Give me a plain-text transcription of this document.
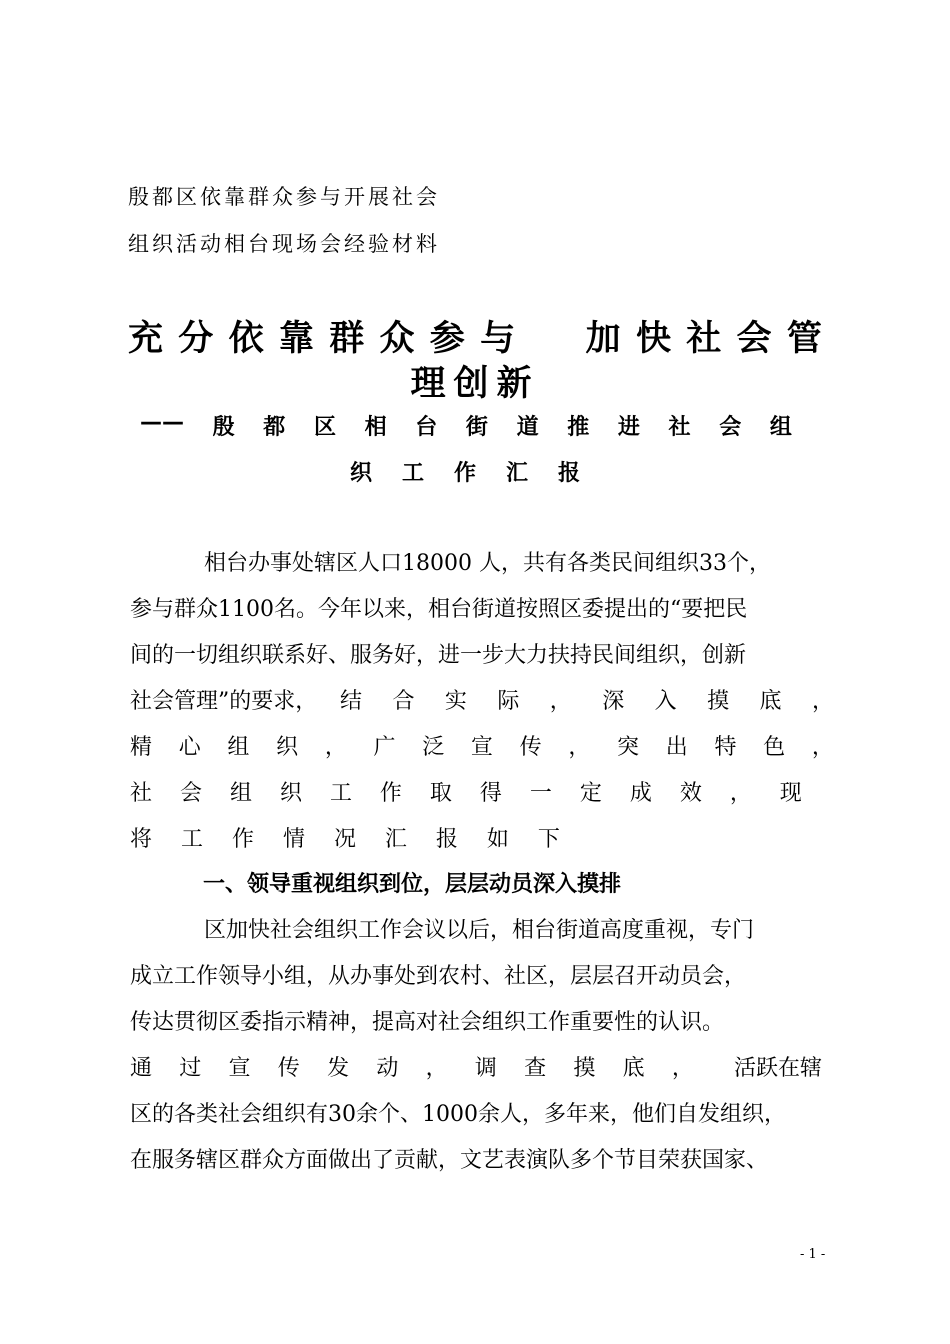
殷都区依靠群众参与开展社会
组织活动相台现场会经验材料
充 分 依 靠 群 众 参 与 加 快 社 会 管
理创新
—— 殷 都 区 相 台 街 道 推 进 社 会 组
织 工 作 汇 报
相台办事处辖区人口18000 人，共有各类民间组织33个，
参与群众1100名。今年以来，相台街道按照区委提出的“要把民
间的一切组织联系好、服务好，进一步大力扶持民间组织，创新
社会管理”的要求， 结 合 实 际 ， 深 入 摸 底 ，
精 心 组 织 ， 广 泛 宣 传 ， 突 出 特 色 ，
社 会 组 织 工 作 取 得 一 定 成 效 ， 现
将 工 作 情 况 汇 报 如 下
一、领导重视组织到位，层层动员深入摸排
区加快社会组织工作会议以后，相台街道高度重视，专门
成立工作领导小组，从办事处到农村、社区，层层召开动员会，
传达贯彻区委指示精神，提高对社会组织工作重要性的认识。
通 过 宣 传 发 动 ， 调 查 摸 底 ， 活跃在辖
区的各类社会组织有30余个、1000余人，多年来，他们自发组织，
在服务辖区群众方面做出了贡献，文艺表演队多个节目荣获国家、
- 1 -
